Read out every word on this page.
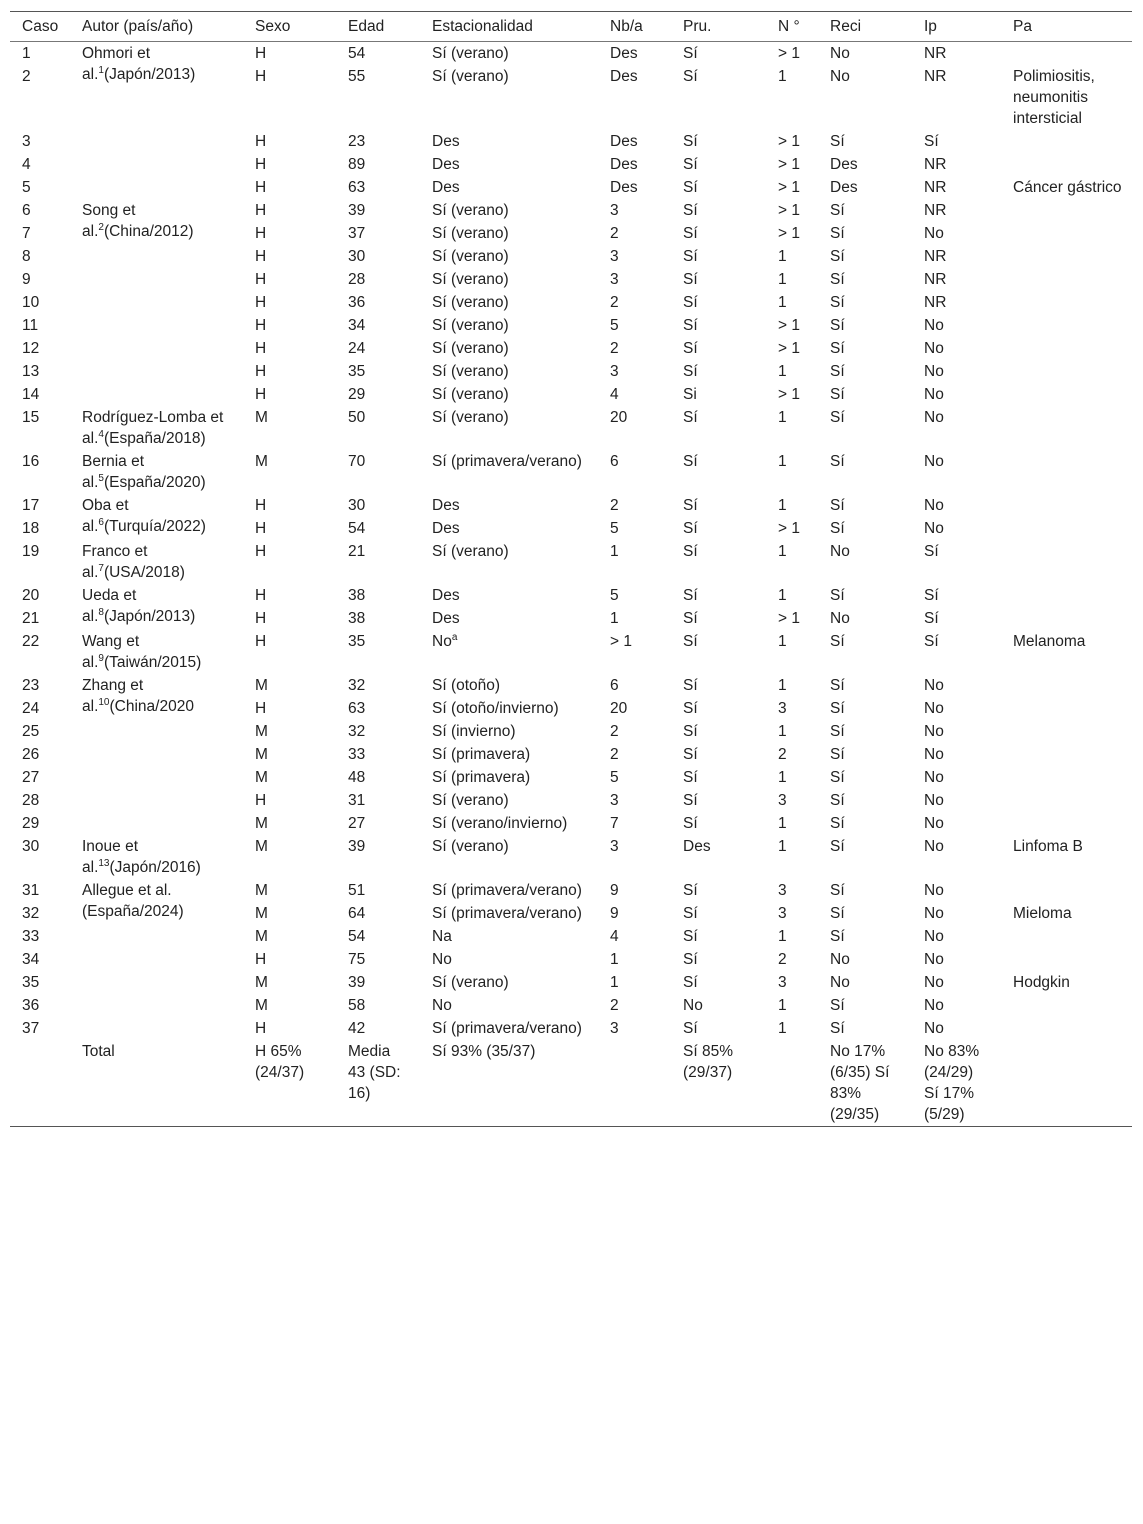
Caso	Autor (país/año)	Sexo	Edad	Estacionalidad	Nb/a	Pru.	N °	Reci	Ip	Pa
1	Ohmori et al.$^1$(Japón/2013)	H	54	Sí (verano)	Des	Sí	> 1	No	NR	
2		H	55	Sí (verano)	Des	Sí	1	No	NR	Polimiositis, neumonitis intersticial
3		H	23	Des	Des	Sí	> 1	Sí	Sí	
4		H	89	Des	Des	Sí	> 1	Des	NR	
5		H	63	Des	Des	Sí	> 1	Des	NR	Cáncer gástrico
6	Song et al.$^2$(China/2012)	H	39	Sí (verano)	3	Sí	> 1	Sí	NR	
7		H	37	Sí (verano)	2	Sí	> 1	Sí	No	
8		H	30	Sí (verano)	3	Sí	1	Sí	NR	
9		H	28	Sí (verano)	3	Sí	1	Sí	NR	
10		H	36	Sí (verano)	2	Sí	1	Sí	NR	
11		H	34	Sí (verano)	5	Sí	> 1	Sí	No	
12		H	24	Sí (verano)	2	Sí	> 1	Sí	No	
13		H	35	Sí (verano)	3	Sí	1	Sí	No	
14		H	29	Sí (verano)	4	Si	> 1	Sí	No	
15	Rodríguez-Lomba et al.$^4$(España/2018)	M	50	Sí (verano)	20	Sí	1	Sí	No	
16	Bernia et al.$^5$(España/2020)	M	70	Sí (primavera/verano)	6	Sí	1	Sí	No	
17	Oba et al.$^6$(Turquía/2022)	H	30	Des	2	Sí	1	Sí	No	
18		H	54	Des	5	Sí	> 1	Sí	No	
19	Franco et al.$^7$(USA/2018)	H	21	Sí (verano)	1	Sí	1	No	Sí	
20	Ueda et al.$^8$(Japón/2013)	H	38	Des	5	Sí	1	Sí	Sí	
21		H	38	Des	1	Sí	> 1	No	Sí	
22	Wang et al.$^9$(Taiwán/2015)	H	35	$No^a$	> 1	Sí	1	Sí	Sí	Melanoma
23	Zhang et al.$^{10}$(China/2020	M	32	Sí (otoño)	6	Sí	1	Sí	No	
24		H	63	Sí (otoño/invierno)	20	Sí	3	Sí	No	
25		M	32	Sí (invierno)	2	Sí	1	Sí	No	
26		M	33	Sí (primavera)	2	Sí	2	Sí	No	
27		M	48	Sí (primavera)	5	Sí	1	Sí	No	
28		H	31	Sí (verano)	3	Sí	3	Sí	No	
29		M	27	Sí (verano/invierno)	7	Sí	1	Sí	No	
30	Inoue et al.$^{13}$(Japón/2016)	M	39	Sí (verano)	3	Des	1	Sí	No	Linfoma B
31	Allegue et al. (España/2024)	M	51	Sí (primavera/verano)	9	Sí	3	Sí	No	
32		M	64	Sí (primavera/verano)	9	Sí	3	Sí	No	Mieloma
33		M	54	Na	4	Sí	1	Sí	No	
34		H	75	No	1	Sí	2	No	No	
35		M	39	Sí (verano)	1	Sí	3	No	No	Hodgkin
36		M	58	No	2	No	1	Sí	No	
37		H	42	Sí (primavera/verano)	3	Sí	1	Sí	No	
	Total	H 65% (24/37)	Media 43 (SD: 16)	Sí 93% (35/37)		Sí 85% (29/37)		No 17% (6/35) Sí 83% (29/35)	No 83% (24/29) Sí 17% (5/29)	
